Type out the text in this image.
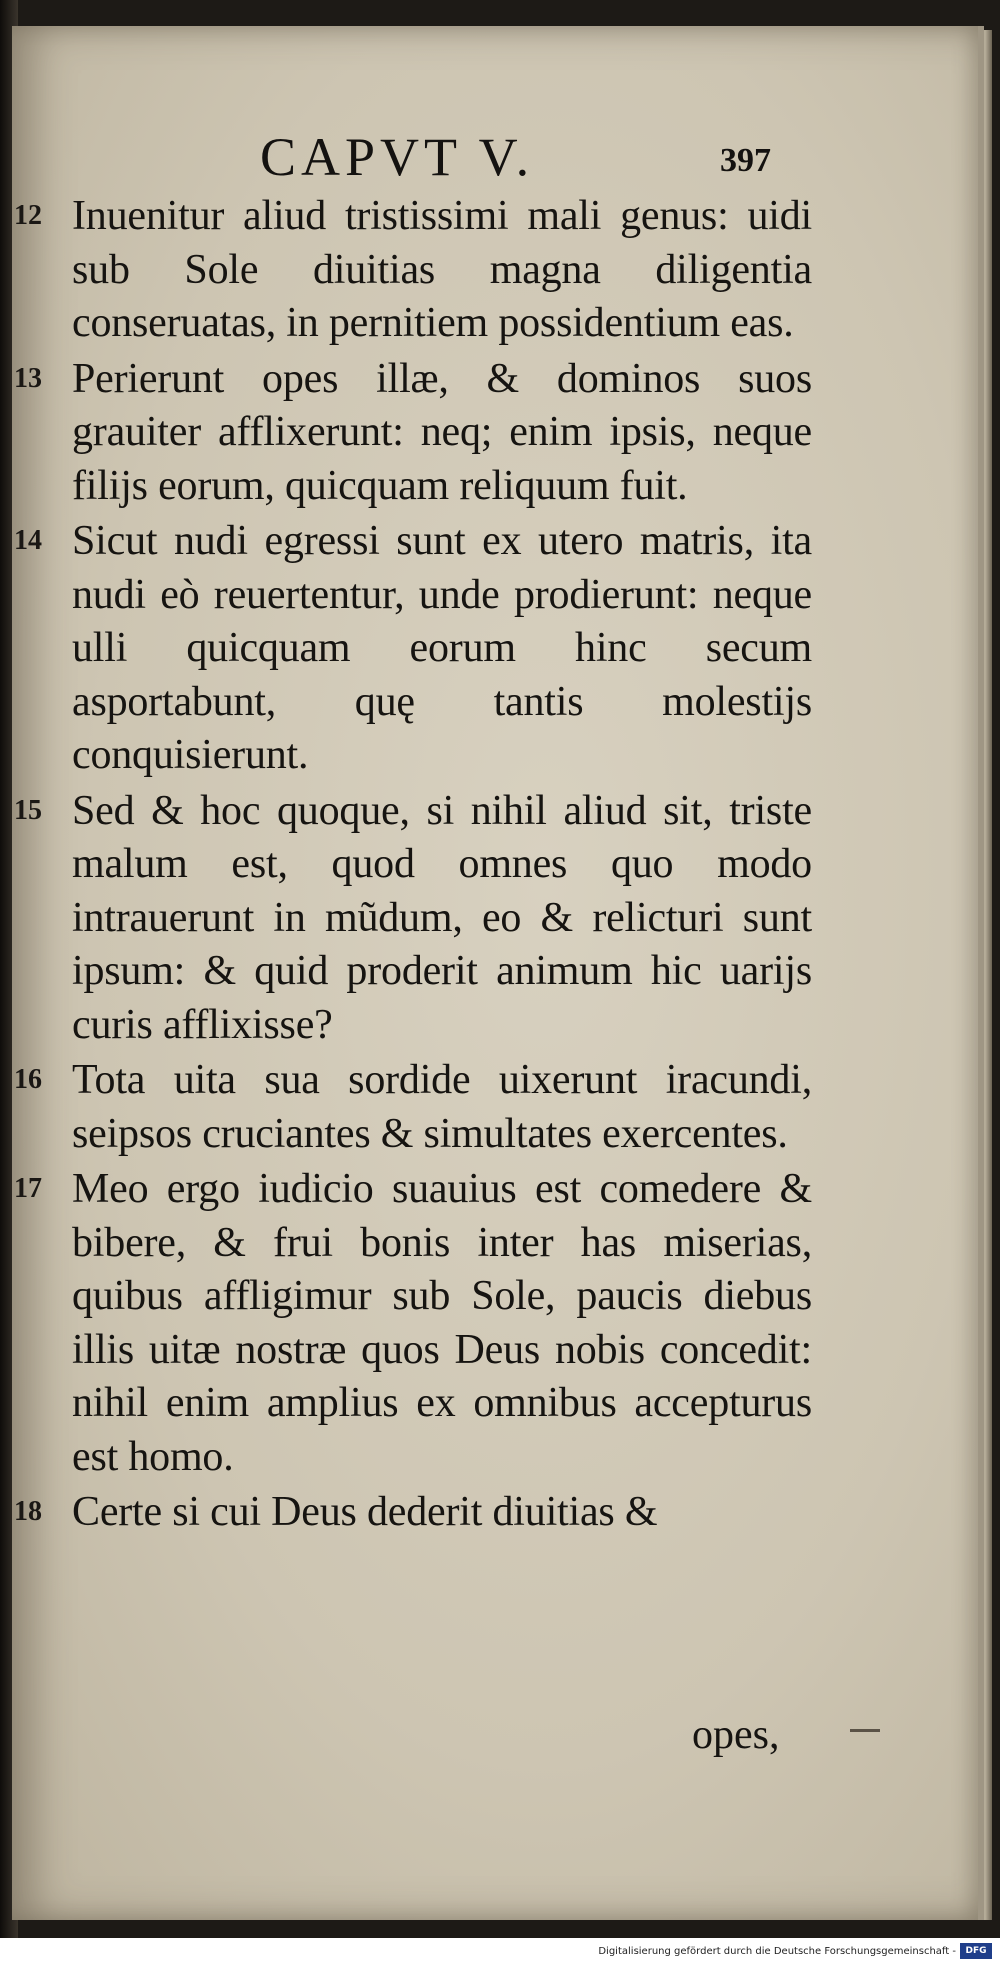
CAPVT V.	397
12 Inuenitur aliud tristissimi mali genus: uidi sub Sole diuitias magna diligentia conseruatas, in pernitiem possidentium eas.
13 Perierunt opes illæ, & dominos suos grauiter afflixerunt: neq; enim ipsis, neque filijs eorum, quicquam reliquum fuit.
14 Sicut nudi egressi sunt ex utero matris, ita nudi eò reuertentur, unde prodierunt: neque ulli quicquam eorum hinc secum asportabunt, quę tantis molestijs conquisierunt.
15 Sed & hoc quoque, si nihil aliud sit, triste malum est, quod omnes quo modo intrauerunt in mũdum, eo & relicturi sunt ipsum: & quid proderit animum hic uarijs curis afflixisse?
16 Tota uita sua sordide uixerunt iracundi, seipsos cruciantes & simultates exercentes.
17 Meo ergo iudicio suauius est comedere & bibere, & frui bonis inter has miserias, quibus affligimur sub Sole, paucis diebus illis uitæ nostræ quos Deus nobis concedit: nihil enim amplius ex omnibus accepturus est homo.
18 Certe si cui Deus dederit diuitias &
opes,
Digitalisierung gefördert durch die Deutsche Forschungsgemeinschaft -	DFG
